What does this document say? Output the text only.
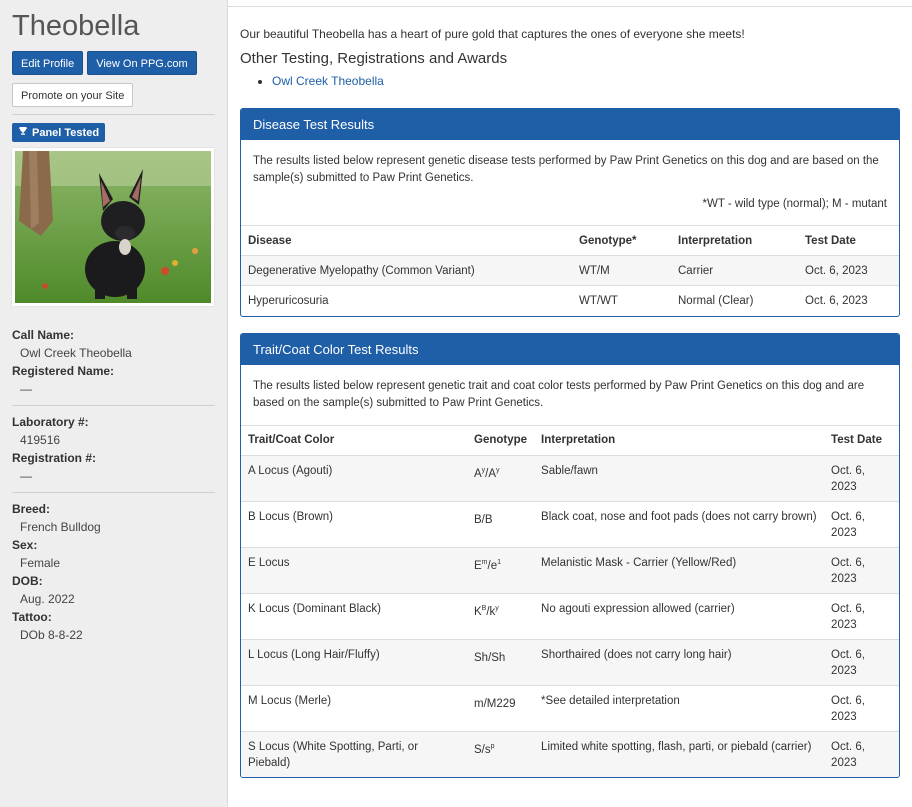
Theobella
Edit Profile	View On PPG.com
Promote on your Site
Panel Tested
Call Name:
Owl Creek Theobella
Registered Name:
—
Laboratory #:
419516
Registration #:
—
Breed:
French Bulldog
Sex:
Female
DOB:
Aug. 2022
Tattoo:
DOb 8-8-22
Our beautiful Theobella has a heart of pure gold that captures the ones of everyone she meets!
Other Testing, Registrations and Awards
• Owl Creek Theobella
Disease Test Results
The results listed below represent genetic disease tests performed by Paw Print Genetics on this dog and are based on the sample(s) submitted to Paw Print Genetics.
*WT - wild type (normal); M - mutant
Disease	Genotype*	Interpretation	Test Date
Degenerative Myelopathy (Common Variant)	WT/M	Carrier	Oct. 6, 2023
Hyperuricosuria	WT/WT	Normal (Clear)	Oct. 6, 2023
Trait/Coat Color Test Results
The results listed below represent genetic trait and coat color tests performed by Paw Print Genetics on this dog and are based on the sample(s) submitted to Paw Print Genetics.
Trait/Coat Color	Genotype	Interpretation	Test Date
A Locus (Agouti)	$A^y/A^y$	Sable/fawn	Oct. 6, 2023
B Locus (Brown)	B/B	Black coat, nose and foot pads (does not carry brown)	Oct. 6, 2023
E Locus	$E^m/e^1$	Melanistic Mask - Carrier (Yellow/Red)	Oct. 6, 2023
K Locus (Dominant Black)	$K^B/k^y$	No agouti expression allowed (carrier)	Oct. 6, 2023
L Locus (Long Hair/Fluffy)	Sh/Sh	Shorthaired (does not carry long hair)	Oct. 6, 2023
M Locus (Merle)	m/M229	*See detailed interpretation	Oct. 6, 2023
S Locus (White Spotting, Parti, or Piebald)	$S/s^p$	Limited white spotting, flash, parti, or piebald (carrier)	Oct. 6, 2023
